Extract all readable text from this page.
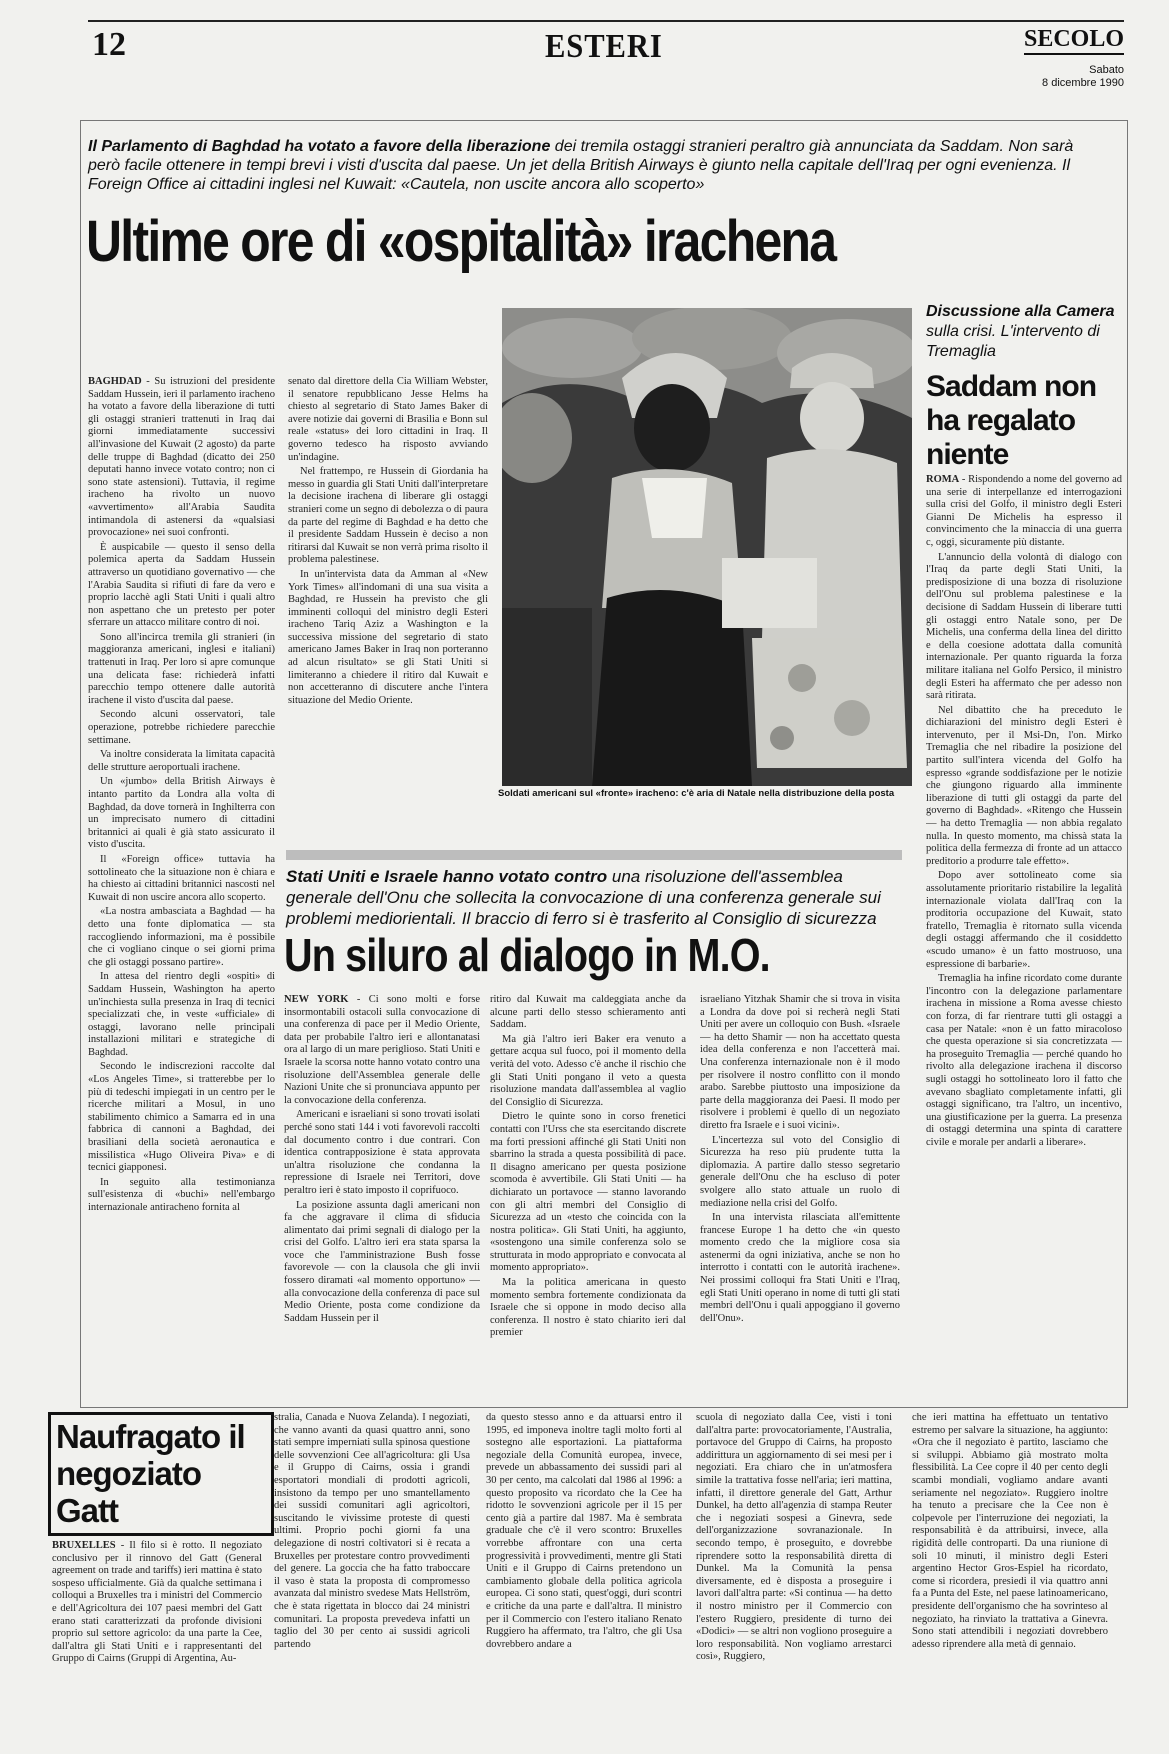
12	ESTERI	SECOLO
Sabato
8 dicembre 1990
Il Parlamento di Baghdad ha votato a favore della liberazione dei tremila ostaggi stranieri peraltro già annunciata da Saddam. Non sarà però facile ottenere in tempi brevi i visti d'uscita dal paese. Un jet della British Airways è giunto nella capitale dell'Iraq per ogni evenienza. Il Foreign Office ai cittadini inglesi nel Kuwait: «Cautela, non uscite ancora allo scoperto»
Ultime ore di «ospitalità» irachena

BAGHDAD - Su istruzioni del presidente Saddam Hussein, ieri il parlamento iracheno ha votato a favore della liberazione di tutti gli ostaggi stranieri trattenuti in Iraq dai giorni immediatamente successivi all'invasione del Kuwait (2 agosto) da parte delle truppe di Baghdad (dicatto dei 250 deputati hanno invece votato contro; non ci sono state astensioni). Tuttavia, il regime iracheno ha rivolto un nuovo «avvertimento» all'Arabia Saudita intimandola di astenersi da «qualsiasi provocazione» nei suoi confronti.

È auspicabile — questo il senso della polemica aperta da Saddam Hussein attraverso un quotidiano governativo — che l'Arabia Saudita si rifiuti di fare da vero e proprio lacchè agli Stati Uniti i quali altro non aspettano che un pretesto per poter sferrare un attacco militare contro di noi.

Sono all'incirca tremila gli stranieri (in maggioranza americani, inglesi e italiani) trattenuti in Iraq. Per loro si apre comunque una delicata fase: richiederà infatti parecchio tempo ottenere dalle autorità irachene il visto d'uscita dal paese.

Secondo alcuni osservatori, tale operazione, potrebbe richiedere parecchie settimane.

Va inoltre considerata la limitata capacità delle strutture aeroportuali irachene.

Un «jumbo» della British Airways è intanto partito da Londra alla volta di Baghdad, da dove tornerà in Inghilterra con un imprecisato numero di cittadini britannici ai quali è già stato assicurato il visto d'uscita.

Il «Foreign office» tuttavia ha sottolineato che la situazione non è chiara e ha chiesto ai cittadini britannici nascosti nel Kuwait di non uscire ancora allo scoperto.

«La nostra ambasciata a Baghdad — ha detto una fonte diplomatica — sta raccogliendo informazioni, ma è possibile che ci vogliano cinque o sei giorni prima che gli ostaggi possano partire».

In attesa del rientro degli «ospiti» di Saddam Hussein, Washington ha aperto un'inchiesta sulla presenza in Iraq di tecnici specializzati che, in veste «ufficiale» di ostaggi, lavorano nelle principali installazioni militari e strategiche di Baghdad.

Secondo le indiscrezioni raccolte dal «Los Angeles Time», si tratterebbe per lo più di tedeschi impiegati in un centro per le ricerche militari a Mosul, in uno stabilimento chimico a Samarra ed in una fabbrica di cannoni a Baghdad, dei brasiliani della società aeronautica e missilistica «Hugo Oliveira Piva» e di tecnici giapponesi.

In seguito alla testimonianza sull'esistenza di «buchi» nell'embargo internazionale antiracheno fornita al

senato dal direttore della Cia William Webster, il senatore repubblicano Jesse Helms ha chiesto al segretario di Stato James Baker di avere notizie dai governi di Brasilia e Bonn sul reale «status» dei loro cittadini in Iraq. Il governo tedesco ha risposto avviando un'indagine.

Nel frattempo, re Hussein di Giordania ha messo in guardia gli Stati Uniti dall'interpretare la decisione irachena di liberare gli ostaggi stranieri come un segno di debolezza o di paura da parte del regime di Baghdad e ha detto che il presidente Saddam Hussein è deciso a non ritirarsi dal Kuwait se non verrà prima risolto il problema palestinese.

In un'intervista data da Amman al «New York Times» all'indomani di una sua visita a Baghdad, re Hussein ha previsto che gli imminenti colloqui del ministro degli Esteri iracheno Tariq Aziz a Washington e la successiva missione del segretario di stato americano James Baker in Iraq non porteranno ad alcun risultato» se gli Stati Uniti si limiteranno a chiedere il ritiro dal Kuwait e non accetteranno di discutere anche l'intera situazione del Medio Oriente.

Soldati americani sul «fronte» iracheno: c'è aria di Natale nella distribuzione della posta
Discussione alla Camera sulla crisi. L'intervento di Tremaglia
Saddam non ha regalato niente

ROMA - Rispondendo a nome del governo ad una serie di interpellanze ed interrogazioni sulla crisi del Golfo, il ministro degli Esteri Gianni De Michelis ha espresso il convincimento che la minaccia di una guerra c, oggi, sicuramente più distante.

L'annuncio della volontà di dialogo con l'Iraq da parte degli Stati Uniti, la predisposizione di una bozza di risoluzione dell'Onu sul problema palestinese e la decisione di Saddam Hussein di liberare tutti gli ostaggi entro Natale sono, per De Michelis, una conferma della linea del diritto e della coesione adottata dalla comunità internazionale. Per quanto riguarda la forza militare italiana nel Golfo Persico, il ministro degli Esteri ha affermato che per adesso non sarà ritirata.

Nel dibattito che ha preceduto le dichiarazioni del ministro degli Esteri è intervenuto, per il Msi-Dn, l'on. Mirko Tremaglia che nel ribadire la posizione del partito sull'intera vicenda del Golfo ha espresso «grande soddisfazione per le notizie che giungono riguardo alla imminente liberazione di tutti gli ostaggi da parte del governo di Baghdad». «Ritengo che Hussein — ha detto Tremaglia — non abbia regalato nulla. In questo momento, ma chissà stata la politica della fermezza di fronte ad un attacco preditorio a produrre tale effetto».

Dopo aver sottolineato come sia assolutamente prioritario ristabilire la legalità internazionale violata dall'Iraq con la proditoria occupazione del Kuwait, stato fratello, Tremaglia è ritornato sulla vicenda degli ostaggi affermando che il cosiddetto «scudo umano» è un fatto mostruoso, una espressione di barbarie».

Tremaglia ha infine ricordato come durante l'incontro con la delegazione parlamentare irachena in missione a Roma avesse chiesto con forza, di far rientrare tutti gli ostaggi a casa per Natale: «non è un fatto miracoloso che questa operazione si sia concretizzata — ha proseguito Tremaglia — perché quando ho rivolto alla delegazione irachena il discorso sugli ostaggi ho sottolineato loro il fatto che avevano sbagliato completamente infatti, gli ostaggi significano, tra l'altro, un incentivo, una giustificazione per la guerra. La presenza di ostaggi determina una spinta di carattere civile e morale per andarli a liberare».

Stati Uniti e Israele hanno votato contro una risoluzione dell'assemblea generale dell'Onu che sollecita la convocazione di una conferenza generale sui problemi mediorientali. Il braccio di ferro si è trasferito al Consiglio di sicurezza
Un siluro al dialogo in M.O.

NEW YORK - Ci sono molti e forse insormontabili ostacoli sulla convocazione di una conferenza di pace per il Medio Oriente, data per probabile l'altro ieri e allontanatasi ora al largo di un mare periglioso. Stati Uniti e Israele la scorsa notte hanno votato contro una risoluzione dell'Assemblea generale delle Nazioni Unite che si pronunciava appunto per la convocazione della conferenza.

Americani e israeliani si sono trovati isolati perché sono stati 144 i voti favorevoli raccolti dal documento contro i due contrari. Con identica contrapposizione è stata approvata un'altra risoluzione che condanna la repressione di Israele nei Territori, dove peraltro ieri è stato imposto il coprifuoco.

La posizione assunta dagli americani non fa che aggravare il clima di sfiducia alimentato dai primi segnali di dialogo per la crisi del Golfo. L'altro ieri era stata sparsa la voce che l'amministrazione Bush fosse favorevole — con la clausola che gli invii fossero diramati «al momento opportuno» — alla convocazione della conferenza di pace sul Medio Oriente, posta come condizione da Saddam Hussein per il

ritiro dal Kuwait ma caldeggiata anche da alcune parti dello stesso schieramento anti Saddam.

Ma già l'altro ieri Baker era venuto a gettare acqua sul fuoco, poi il momento della verità del voto. Adesso c'è anche il rischio che gli Stati Uniti pongano il veto a questa risoluzione mandata dall'assemblea al vaglio del Consiglio di Sicurezza.

Dietro le quinte sono in corso frenetici contatti con l'Urss che sta esercitando discrete ma forti pressioni affinché gli Stati Uniti non sbarrino la strada a questa possibilità di pace. Il disagno americano per questa posizione scomoda è avvertibile. Gli Stati Uniti — ha dichiarato un portavoce — stanno lavorando con gli altri membri del Consiglio di Sicurezza ad un «testo che coincida con la nostra politica». Gli Stati Uniti, ha aggiunto, «sostengono una simile conferenza solo se strutturata in modo appropriato e convocata al momento appropriato».

Ma la politica americana in questo momento sembra fortemente condizionata da Israele che si oppone in modo deciso alla conferenza. Il nostro è stato chiarito ieri dal premier

israeliano Yitzhak Shamir che si trova in visita a Londra da dove poi si recherà negli Stati Uniti per avere un colloquio con Bush. «Israele — ha detto Shamir — non ha accettato questa idea della conferenza e non l'accetterà mai. Una conferenza internazionale non è il modo per risolvere il nostro conflitto con il mondo arabo. Sarebbe piuttosto una imposizione da parte della maggioranza dei Paesi. Il modo per risolvere i problemi è quello di un negoziato diretto fra Israele e i suoi vicini».

L'incertezza sul voto del Consiglio di Sicurezza ha reso più prudente tutta la diplomazia. A partire dallo stesso segretario generale dell'Onu che ha escluso di poter svolgere allo stato attuale un ruolo di mediazione nella crisi del Golfo.

In una intervista rilasciata all'emittente francese Europe 1 ha detto che «in questo momento credo che la migliore cosa sia astenermi da ogni iniziativa, anche se non ho interrotto i contatti con le autorità irachene». Nei prossimi colloqui fra Stati Uniti e l'Iraq, egli Stati Uniti operano in nome di tutti gli stati membri dell'Onu i quali appoggiano il governo dell'Onu».

Naufragato il negoziato Gatt

BRUXELLES - Il filo si è rotto. Il negoziato conclusivo per il rinnovo del Gatt (General agreement on trade and tariffs) ieri mattina è stato sospeso ufficialmente. Già da qualche settimana i colloqui a Bruxelles tra i ministri del Commercio e dell'Agricoltura dei 107 paesi membri del Gatt erano stati caratterizzati da profonde divisioni proprio sul settore agricolo: da una parte la Cee, dall'altra gli Stati Uniti e i rappresentanti del Gruppo di Cairns (Gruppi di Argentina, Au-

stralia, Canada e Nuova Zelanda). I negoziati, che vanno avanti da quasi quattro anni, sono stati sempre imperniati sulla spinosa questione delle sovvenzioni Cee all'agricoltura: gli Usa e il Gruppo di Cairns, ossia i grandi esportatori mondiali di prodotti agricoli, insistono da tempo per uno smantellamento dei sussidi comunitari agli agricoltori, suscitando le vivissime proteste di questi ultimi. Proprio pochi giorni fa una delegazione di nostri coltivatori si è recata a Bruxelles per protestare contro provvedimenti del genere. La goccia che ha fatto traboccare il vaso è stata la proposta di compromesso avanzata dal ministro svedese Mats Hellström, che è stata rigettata in blocco dai 24 ministri comunitari. La proposta prevedeva infatti un taglio del 30 per cento ai sussidi agricoli partendo

da questo stesso anno e da attuarsi entro il 1995, ed imponeva inoltre tagli molto forti al sostegno alle esportazioni. La piattaforma negoziale della Comunità europea, invece, prevede un abbassamento dei sussidi pari al 30 per cento, ma calcolati dal 1986 al 1996: a questo proposito va ricordato che la Cee ha ridotto le sovvenzioni agricole per il 15 per cento già a partire dal 1987. Ma è sembrata graduale che c'è il vero scontro: Bruxelles vorrebbe affrontare con una certa progressività i provvedimenti, mentre gli Stati Uniti e il Gruppo di Cairns pretendono un cambiamento globale della politica agricola europea. Ci sono stati, quest'oggi, duri scontri e critiche da una parte e dall'altra. Il ministro per il Commercio con l'estero italiano Renato Ruggiero ha affermato, tra l'altro, che gli Usa dovrebbero andare a

scuola di negoziato dalla Cee, visti i toni dall'altra parte: provocatoriamente, l'Australia, portavoce del Gruppo di Cairns, ha proposto addirittura un aggiornamento di sei mesi per i negoziati. Era chiaro che in un'atmosfera simile la trattativa fosse nell'aria; ieri mattina, infatti, il direttore generale del Gatt, Arthur Dunkel, ha detto all'agenzia di stampa Reuter che i negoziati sospesi a Ginevra, sede dell'organizzazione sovranazionale. In secondo tempo, è proseguito, e dovrebbe riprendere sotto la responsabilità diretta di Dunkel. Ma la Comunità la pensa diversamente, ed è disposta a proseguire i lavori dall'altra parte: «Si continua — ha detto il nostro ministro per il Commercio con l'estero Ruggiero, presidente di turno dei «Dodici» — se altri non vogliono proseguire a loro responsabilità. Non vogliamo arrestarci così», Ruggiero,

che ieri mattina ha effettuato un tentativo estremo per salvare la situazione, ha aggiunto: «Ora che il negoziato è partito, lasciamo che si sviluppi. Abbiamo già mostrato molta flessibilità. La Cee copre il 40 per cento degli scambi mondiali, vogliamo andare avanti seriamente nel negoziato». Ruggiero inoltre ha tenuto a precisare che la Cee non è colpevole per l'interruzione dei negoziati, la responsabilità è da attribuirsi, invece, alla rigidità delle controparti. Da una riunione di soli 10 minuti, il ministro degli Esteri argentino Hector Gros-Espiel ha ricordato, come si ricordera, presiedi il via quattro anni fa a Punta del Este, nel paese latinoamericano, presidente dell'organismo che ha sovrinteso al negoziato, ha rinviato la trattativa a Ginevra. Sono stati attendibili i negoziati dovrebbero adesso riprendere alla metà di gennaio.
